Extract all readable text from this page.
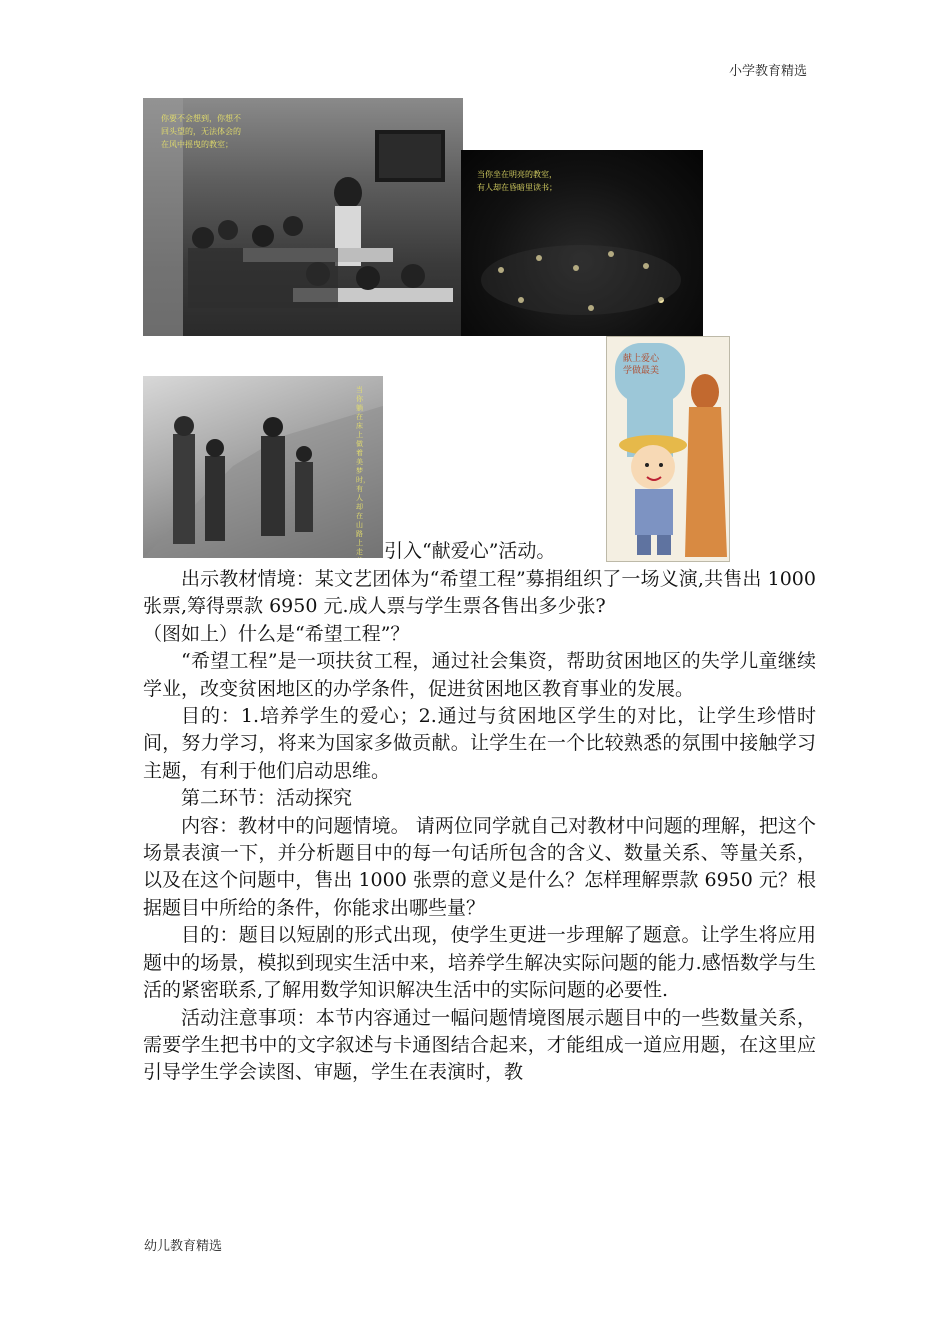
小学教育精选
你要不会想到，你想不
回头望的，无法体会的
在风中摇曳的教室；
当你坐在明亮的教室，
有人却在昏暗里读书；
当你躺在床上做着美梦时，有人却在山路上走
献上爱心
学做最美
引入“献爱心”活动。

出示教材情境：某文艺团体为“希望工程”募捐组织了一场义演,共售出 1000 张票,筹得票款 6950 元.成人票与学生票各售出多少张?

（图如上）什么是“希望工程”？

“希望工程”是一项扶贫工程，通过社会集资，帮助贫困地区的失学儿童继续学业，改变贫困地区的办学条件，促进贫困地区教育事业的发展。

目的：1.培养学生的爱心；2.通过与贫困地区学生的对比，让学生珍惜时间，努力学习，将来为国家多做贡献。让学生在一个比较熟悉的氛围中接触学习主题，有利于他们启动思维。

第二环节：活动探究

内容：教材中的问题情境。 请两位同学就自己对教材中问题的理解，把这个场景表演一下，并分析题目中的每一句话所包含的含义、数量关系、等量关系，以及在这个问题中，售出 1000 张票的意义是什么？怎样理解票款 6950 元？根据题目中所给的条件，你能求出哪些量？

目的：题目以短剧的形式出现，使学生更进一步理解了题意。让学生将应用题中的场景，模拟到现实生活中来，培养学生解决实际问题的能力.感悟数学与生活的紧密联系,了解用数学知识解决生活中的实际问题的必要性.

活动注意事项：本节内容通过一幅问题情境图展示题目中的一些数量关系，需要学生把书中的文字叙述与卡通图结合起来，才能组成一道应用题，在这里应引导学生学会读图、审题，学生在表演时，教

幼儿教育精选
